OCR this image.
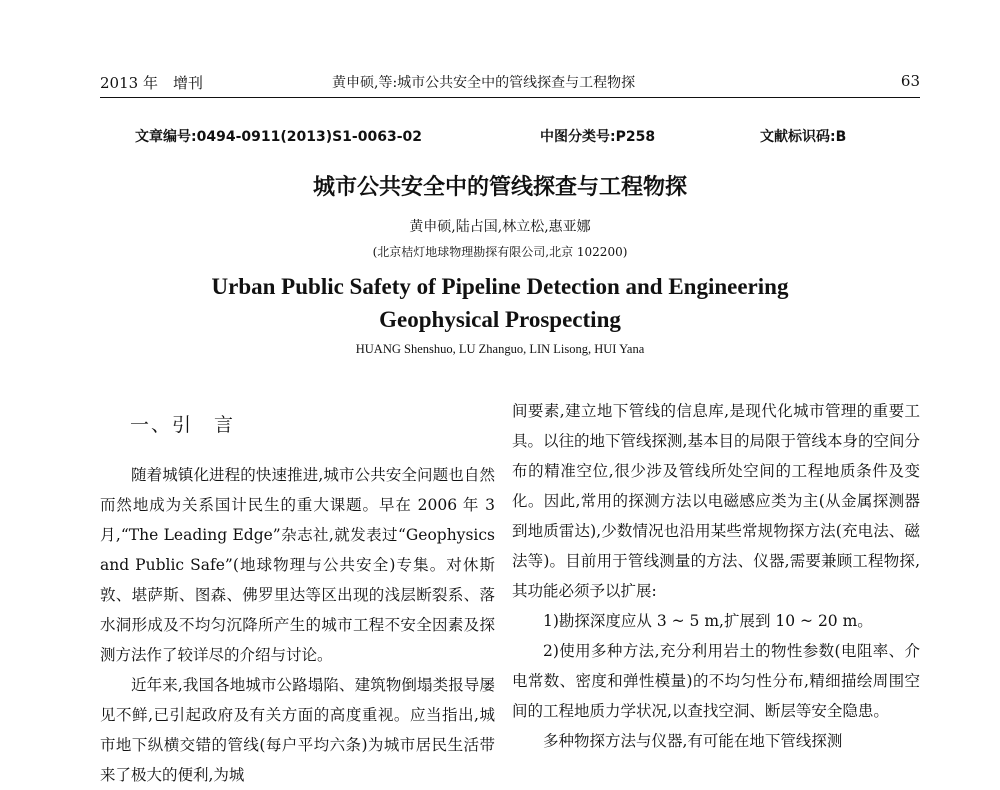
2013 年　增刊	黄申硕,等:城市公共安全中的管线探查与工程物探	63
文章编号:0494-0911(2013)S1-0063-02	中图分类号:P258	文献标识码:B
城市公共安全中的管线探查与工程物探
黄申硕,陆占国,林立松,惠亚娜
(北京桔灯地球物理勘探有限公司,北京 102200)
Urban Public Safety of Pipeline Detection and Engineering
Geophysical Prospecting
HUANG Shenshuo, LU Zhanguo, LIN Lisong, HUI Yana
一、引　言

随着城镇化进程的快速推进,城市公共安全问题也自然而然地成为关系国计民生的重大课题。早在 2006 年 3 月,“The Leading Edge”杂志社,就发表过“Geophysics and Public Safe”(地球物理与公共安全)专集。对休斯敦、堪萨斯、图森、佛罗里达等区出现的浅层断裂系、落水洞形成及不均匀沉降所产生的城市工程不安全因素及探测方法作了较详尽的介绍与讨论。

近年来,我国各地城市公路塌陷、建筑物倒塌类报导屡见不鲜,已引起政府及有关方面的高度重视。应当指出,城市地下纵横交错的管线(每户平均六条)为城市居民生活带来了极大的便利,为城

间要素,建立地下管线的信息库,是现代化城市管理的重要工具。以往的地下管线探测,基本目的局限于管线本身的空间分布的精准空位,很少涉及管线所处空间的工程地质条件及变化。因此,常用的探测方法以电磁感应类为主(从金属探测器到地质雷达),少数情况也沿用某些常规物探方法(充电法、磁法等)。目前用于管线测量的方法、仪器,需要兼顾工程物探,其功能必须予以扩展:

1)勘探深度应从 3 ~ 5 m,扩展到 10 ~ 20 m。

2)使用多种方法,充分利用岩土的物性参数(电阻率、介电常数、密度和弹性模量)的不均匀性分布,精细描绘周围空间的工程地质力学状况,以查找空洞、断层等安全隐患。

多种物探方法与仪器,有可能在地下管线探测
